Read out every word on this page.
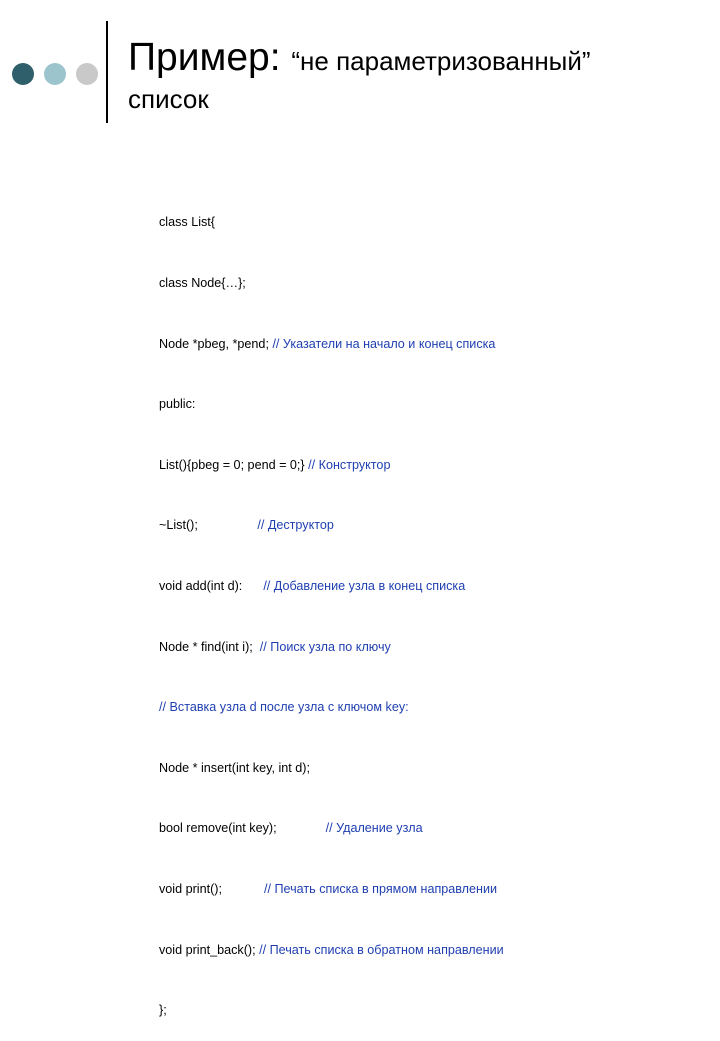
Пример: “не параметризованный”
список

class List{

class Node{…};

Node *pbeg, *pend; // Указатели на начало и конец списка

public:

List(){pbeg = 0; pend = 0;} // Конструктор

~List();                 // Деструктор

void add(int d):      // Добавление узла в конец списка

Node * find(int i);  // Поиск узла по ключу

// Вставка узла d после узла с ключом key:

Node * insert(int key, int d);

bool remove(int key);              // Удаление узла

void print();            // Печать списка в прямом направлении

void print_back(); // Печать списка в обратном направлении

};
